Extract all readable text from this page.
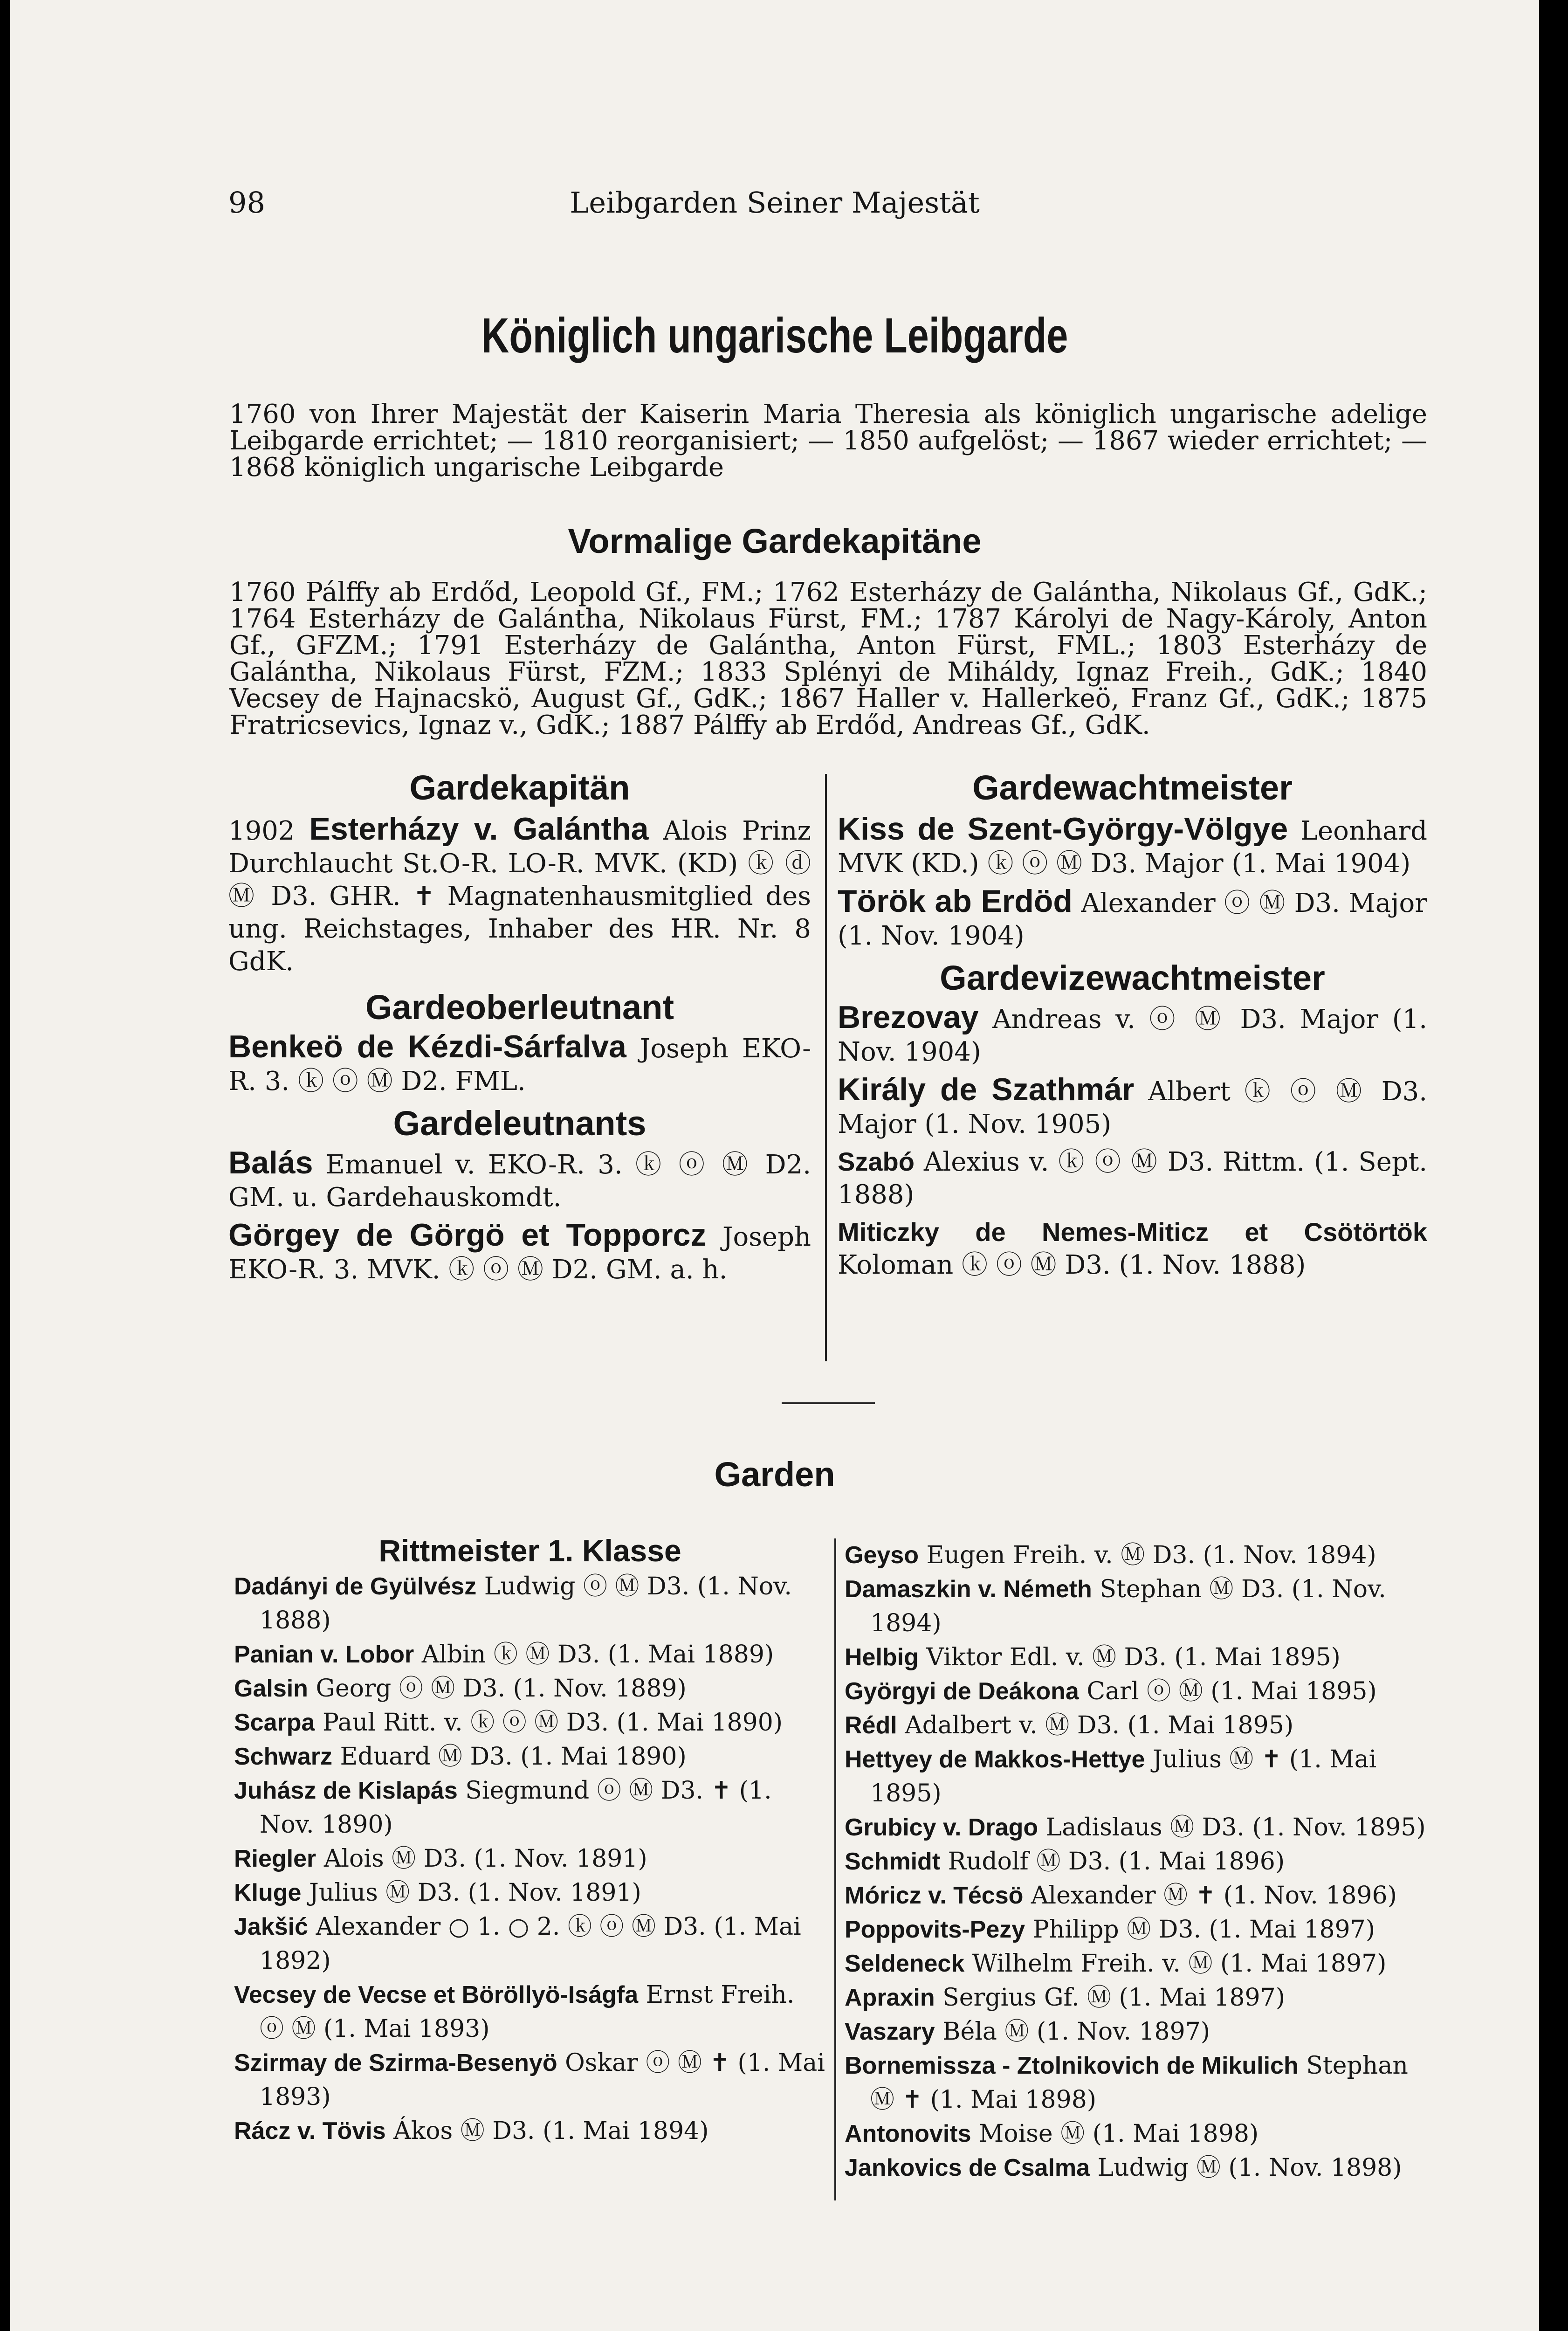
98	Leibgarden Seiner Majestät
Königlich ungarische Leibgarde
1760 von Ihrer Majestät der Kaiserin Maria Theresia als königlich ungarische adelige Leibgarde errichtet; — 1810 reorganisiert; — 1850 aufgelöst; — 1867 wieder errichtet; — 1868 königlich ungarische Leibgarde
Vormalige Gardekapitäne
1760 Pálffy ab Erdőd, Leopold Gf., FM.; 1762 Esterházy de Galántha, Nikolaus Gf., GdK.; 1764 Esterházy de Galántha, Nikolaus Fürst, FM.; 1787 Károlyi de Nagy-Károly, Anton Gf., GFZM.; 1791 Esterházy de Galántha, Anton Fürst, FML.; 1803 Esterházy de Galántha, Nikolaus Fürst, FZM.; 1833 Splényi de Miháldy, Ignaz Freih., GdK.; 1840 Vecsey de Hajnacskö, August Gf., GdK.; 1867 Haller v. Hallerkeö, Franz Gf., GdK.; 1875 Fratricsevics, Ignaz v., GdK.; 1887 Pálffy ab Erdőd, Andreas Gf., GdK.
Gardekapitän
1902 Esterházy v. Galántha Alois Prinz Durchlaucht St.O-R. LO-R. MVK. (KD) ⓚ ⓓ Ⓜ D3. GHR. ✝ Magnatenhausmitglied des ung. Reichstages, Inhaber des HR. Nr. 8 GdK.
Gardeoberleutnant
Benkeö de Kézdi-Sárfalva Joseph EKO-R. 3. ⓚ ⓞ Ⓜ D2. FML.
Gardeleutnants
Balás Emanuel v. EKO-R. 3. ⓚ ⓞ Ⓜ D2. GM. u. Gardehauskomdt.
Görgey de Görgö et Topporcz Joseph EKO-R. 3. MVK. ⓚ ⓞ Ⓜ D2. GM. a. h.
Gardewachtmeister
Kiss de Szent-György-Völgye Leonhard MVK (KD.) ⓚ ⓞ Ⓜ D3. Major (1. Mai 1904)
Török ab Erdöd Alexander ⓞ Ⓜ D3. Major (1. Nov. 1904)
Gardevizewachtmeister
Brezovay Andreas v. ⓞ Ⓜ D3. Major (1. Nov. 1904)
Király de Szathmár Albert ⓚ ⓞ Ⓜ D3. Major (1. Nov. 1905)
Szabó Alexius v. ⓚ ⓞ Ⓜ D3. Rittm. (1. Sept. 1888)
Miticzky de Nemes-Miticz et Csötörtök Koloman ⓚ ⓞ Ⓜ D3. (1. Nov. 1888)
Garden
Rittmeister 1. Klasse
Dadányi de Gyülvész Ludwig ⓞ Ⓜ D3. (1. Nov. 1888)
Panian v. Lobor Albin ⓚ Ⓜ D3. (1. Mai 1889)
Galsin Georg ⓞ Ⓜ D3. (1. Nov. 1889)
Scarpa Paul Ritt. v. ⓚ ⓞ Ⓜ D3. (1. Mai 1890)
Schwarz Eduard Ⓜ D3. (1. Mai 1890)
Juhász de Kislapás Siegmund ⓞ Ⓜ D3. ✝ (1. Nov. 1890)
Riegler Alois Ⓜ D3. (1. Nov. 1891)
Kluge Julius Ⓜ D3. (1. Nov. 1891)
Jakšić Alexander ○ 1. ○ 2. ⓚ ⓞ Ⓜ D3. (1. Mai 1892)
Vecsey de Vecse et Böröllyö-Iságfa Ernst Freih. ⓞ Ⓜ (1. Mai 1893)
Szirmay de Szirma-Besenyö Oskar ⓞ Ⓜ ✝ (1. Mai 1893)
Rácz v. Tövis Ákos Ⓜ D3. (1. Mai 1894)
Geyso Eugen Freih. v. Ⓜ D3. (1. Nov. 1894)
Damaszkin v. Németh Stephan Ⓜ D3. (1. Nov. 1894)
Helbig Viktor Edl. v. Ⓜ D3. (1. Mai 1895)
Györgyi de Deákona Carl ⓞ Ⓜ (1. Mai 1895)
Rédl Adalbert v. Ⓜ D3. (1. Mai 1895)
Hettyey de Makkos-Hettye Julius Ⓜ ✝ (1. Mai 1895)
Grubicy v. Drago Ladislaus Ⓜ D3. (1. Nov. 1895)
Schmidt Rudolf Ⓜ D3. (1. Mai 1896)
Móricz v. Técsö Alexander Ⓜ ✝ (1. Nov. 1896)
Poppovits-Pezy Philipp Ⓜ D3. (1. Mai 1897)
Seldeneck Wilhelm Freih. v. Ⓜ (1. Mai 1897)
Apraxin Sergius Gf. Ⓜ (1. Mai 1897)
Vaszary Béla Ⓜ (1. Nov. 1897)
Bornemissza - Ztolnikovich de Mikulich Stephan Ⓜ ✝ (1. Mai 1898)
Antonovits Moise Ⓜ (1. Mai 1898)
Jankovics de Csalma Ludwig Ⓜ (1. Nov. 1898)
